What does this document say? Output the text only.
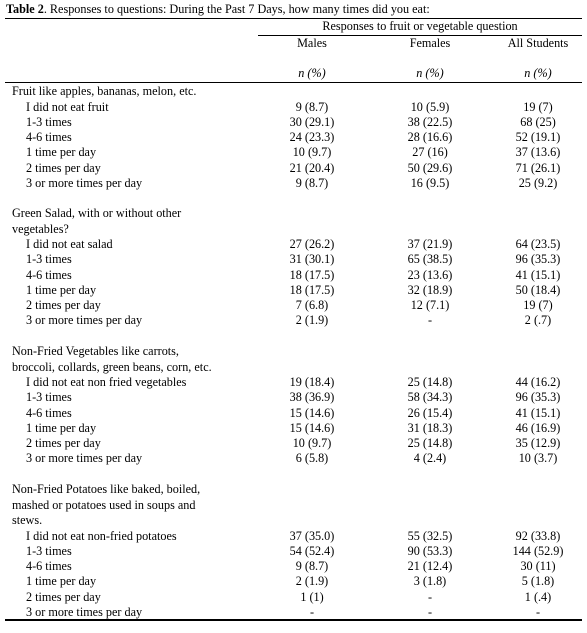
Table 2. Responses to questions: During the Past 7 Days, how many times did you eat:
Responses to fruit or vegetable question
Males	Females	All Students
n (%)	n (%)	n (%)
Fruit like apples, bananas, melon, etc.
I did not eat fruit	9 (8.7)	10 (5.9)	19 (7)
1-3 times	30 (29.1)	38 (22.5)	68 (25)
4-6 times	24 (23.3)	28 (16.6)	52 (19.1)
1 time per day	10 (9.7)	27 (16)	37 (13.6)
2 times per day	21 (20.4)	50 (29.6)	71 (26.1)
3 or more times per day	9 (8.7)	16 (9.5)	25 (9.2)
Green Salad, with or without other vegetables?
I did not eat salad	27 (26.2)	37 (21.9)	64 (23.5)
1-3 times	31 (30.1)	65 (38.5)	96 (35.3)
4-6 times	18 (17.5)	23 (13.6)	41 (15.1)
1 time per day	18 (17.5)	32 (18.9)	50 (18.4)
2 times per day	7 (6.8)	12 (7.1)	19 (7)
3 or more times per day	2 (1.9)	-	2 (.7)
Non-Fried Vegetables like carrots, broccoli, collards, green beans, corn, etc.
I did not eat non fried vegetables	19 (18.4)	25 (14.8)	44 (16.2)
1-3 times	38 (36.9)	58 (34.3)	96 (35.3)
4-6 times	15 (14.6)	26 (15.4)	41 (15.1)
1 time per day	15 (14.6)	31 (18.3)	46 (16.9)
2 times per day	10 (9.7)	25 (14.8)	35 (12.9)
3 or more times per day	6 (5.8)	4 (2.4)	10 (3.7)
Non-Fried Potatoes like baked, boiled, mashed or potatoes used in soups and stews.
I did not eat non-fried potatoes	37 (35.0)	55 (32.5)	92 (33.8)
1-3 times	54 (52.4)	90 (53.3)	144 (52.9)
4-6 times	9 (8.7)	21 (12.4)	30 (11)
1 time per day	2 (1.9)	3 (1.8)	5 (1.8)
2 times per day	1 (1)	-	1 (.4)
3 or more times per day	-	-	-
